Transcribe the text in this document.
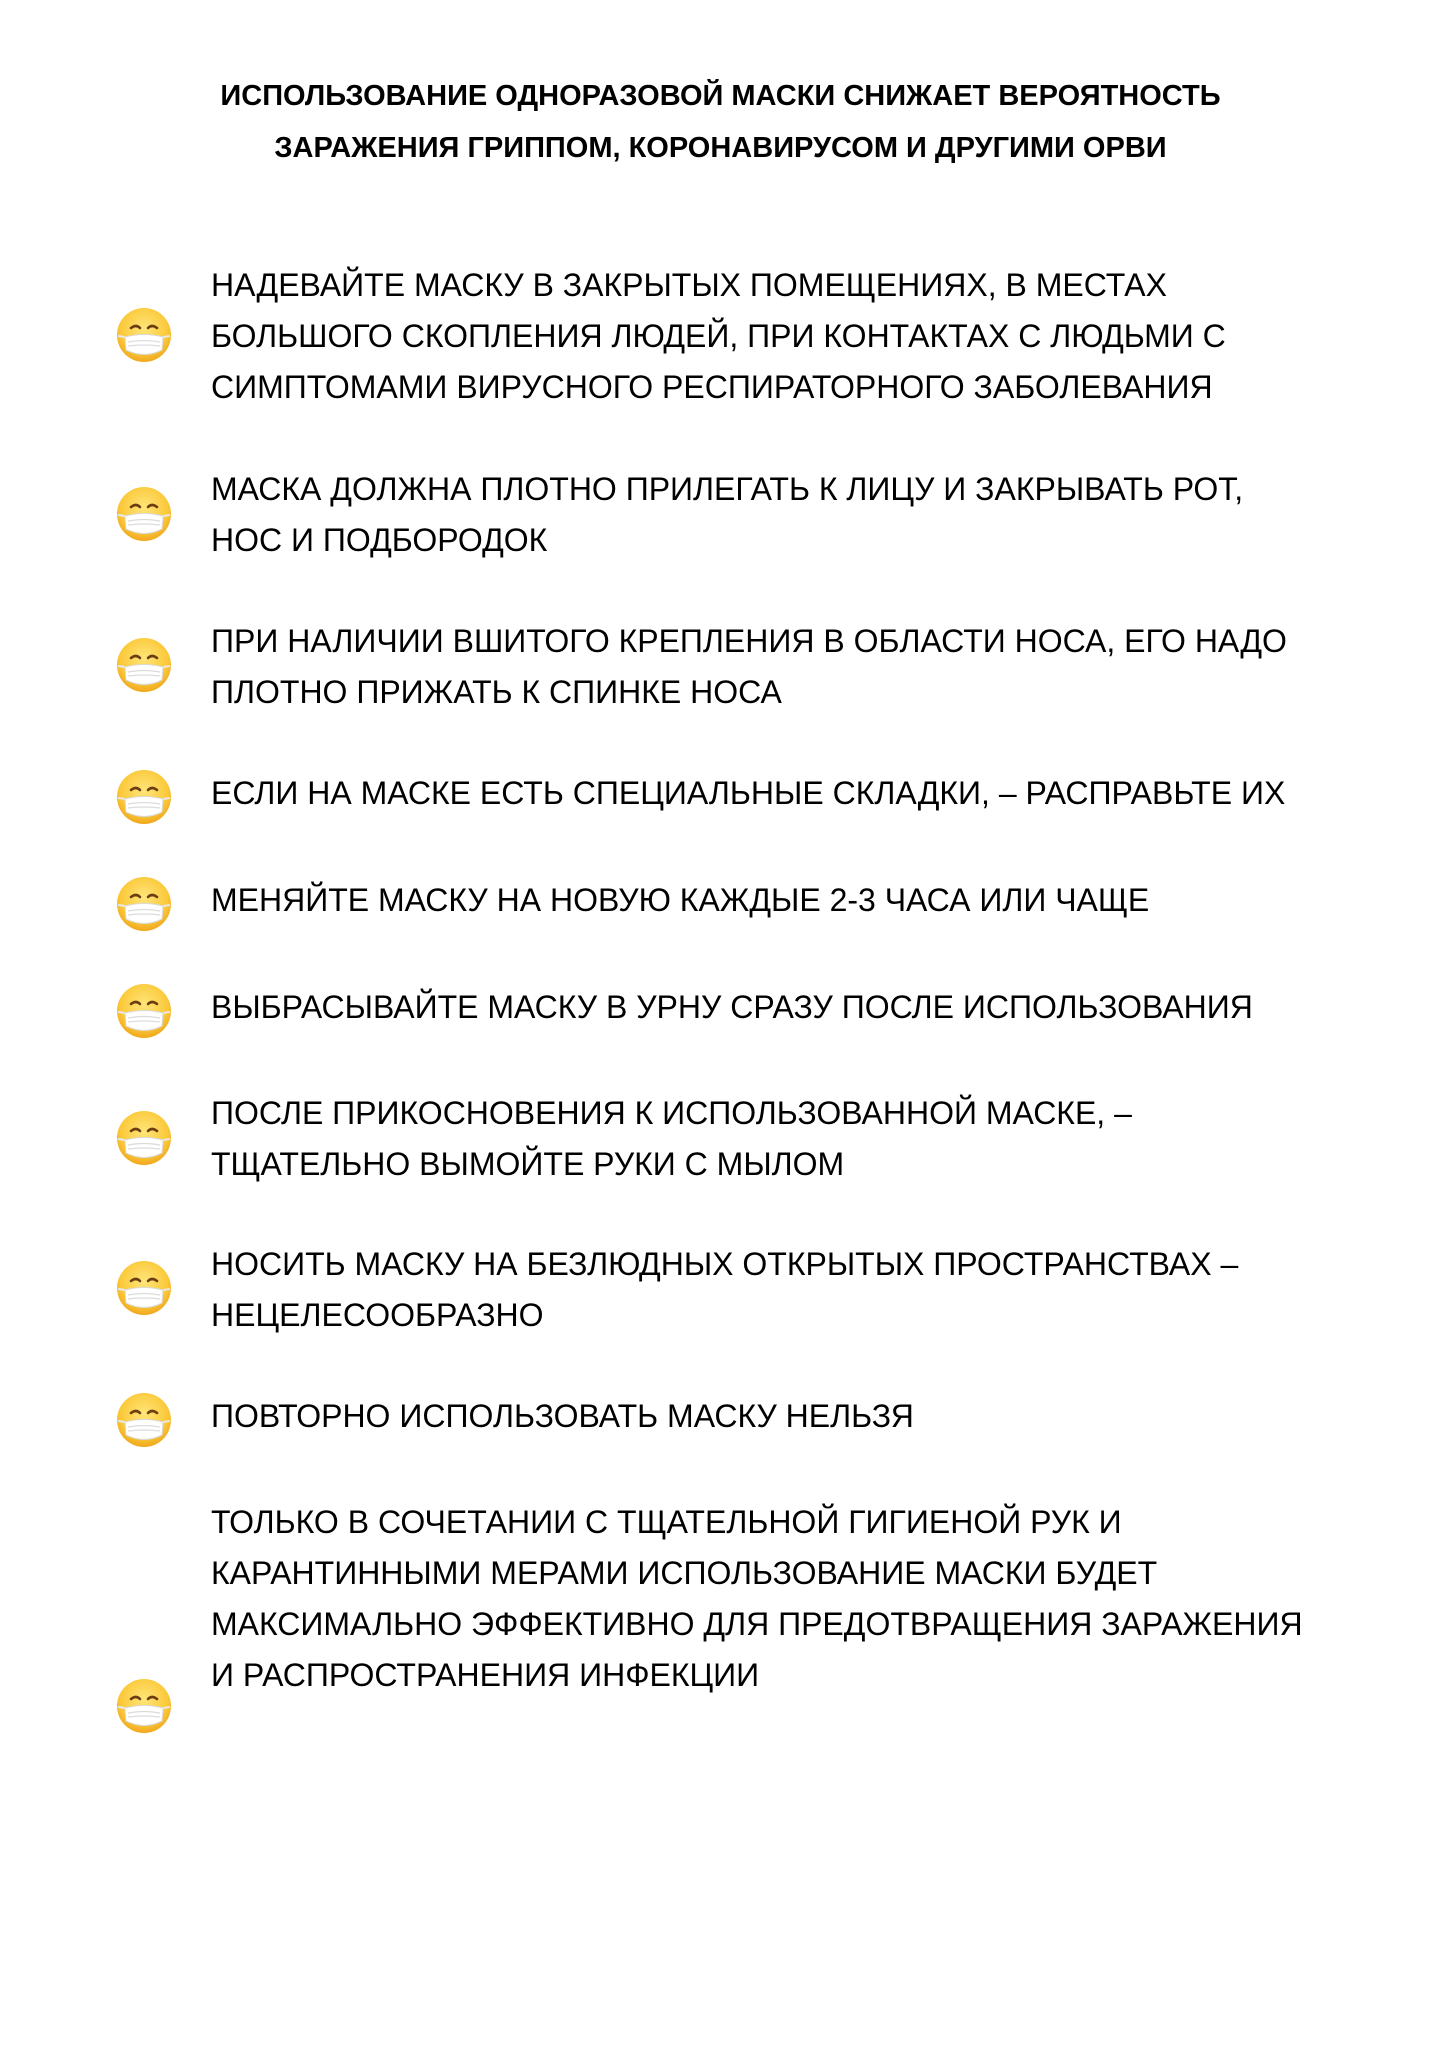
ИСПОЛЬЗОВАНИЕ ОДНОРАЗОВОЙ МАСКИ СНИЖАЕТ ВЕРОЯТНОСТЬ
ЗАРАЖЕНИЯ ГРИППОМ, КОРОНАВИРУСОМ И ДРУГИМИ ОРВИ
НАДЕВАЙТЕ МАСКУ В ЗАКРЫТЫХ ПОМЕЩЕНИЯХ, В МЕСТАХ
БОЛЬШОГО СКОПЛЕНИЯ ЛЮДЕЙ, ПРИ КОНТАКТАХ С ЛЮДЬМИ С
СИМПТОМАМИ ВИРУСНОГО РЕСПИРАТОРНОГО ЗАБОЛЕВАНИЯ
МАСКА ДОЛЖНА ПЛОТНО ПРИЛЕГАТЬ К ЛИЦУ И ЗАКРЫВАТЬ РОТ,
НОС И ПОДБОРОДОК
ПРИ НАЛИЧИИ ВШИТОГО КРЕПЛЕНИЯ В ОБЛАСТИ НОСА, ЕГО НАДО
ПЛОТНО ПРИЖАТЬ К СПИНКЕ НОСА
ЕСЛИ НА МАСКЕ ЕСТЬ СПЕЦИАЛЬНЫЕ СКЛАДКИ, – РАСПРАВЬТЕ ИХ
МЕНЯЙТЕ МАСКУ НА НОВУЮ КАЖДЫЕ 2-3 ЧАСА ИЛИ ЧАЩЕ
ВЫБРАСЫВАЙТЕ МАСКУ В УРНУ СРАЗУ ПОСЛЕ ИСПОЛЬЗОВАНИЯ
ПОСЛЕ ПРИКОСНОВЕНИЯ К ИСПОЛЬЗОВАННОЙ МАСКЕ, –
ТЩАТЕЛЬНО ВЫМОЙТЕ РУКИ С МЫЛОМ
НОСИТЬ МАСКУ НА БЕЗЛЮДНЫХ ОТКРЫТЫХ ПРОСТРАНСТВАХ –
НЕЦЕЛЕСООБРАЗНО
ПОВТОРНО ИСПОЛЬЗОВАТЬ МАСКУ НЕЛЬЗЯ
ТОЛЬКО В СОЧЕТАНИИ С ТЩАТЕЛЬНОЙ ГИГИЕНОЙ РУК И
КАРАНТИННЫМИ МЕРАМИ ИСПОЛЬЗОВАНИЕ МАСКИ БУДЕТ
МАКСИМАЛЬНО ЭФФЕКТИВНО ДЛЯ ПРЕДОТВРАЩЕНИЯ ЗАРАЖЕНИЯ
И РАСПРОСТРАНЕНИЯ ИНФЕКЦИИ
